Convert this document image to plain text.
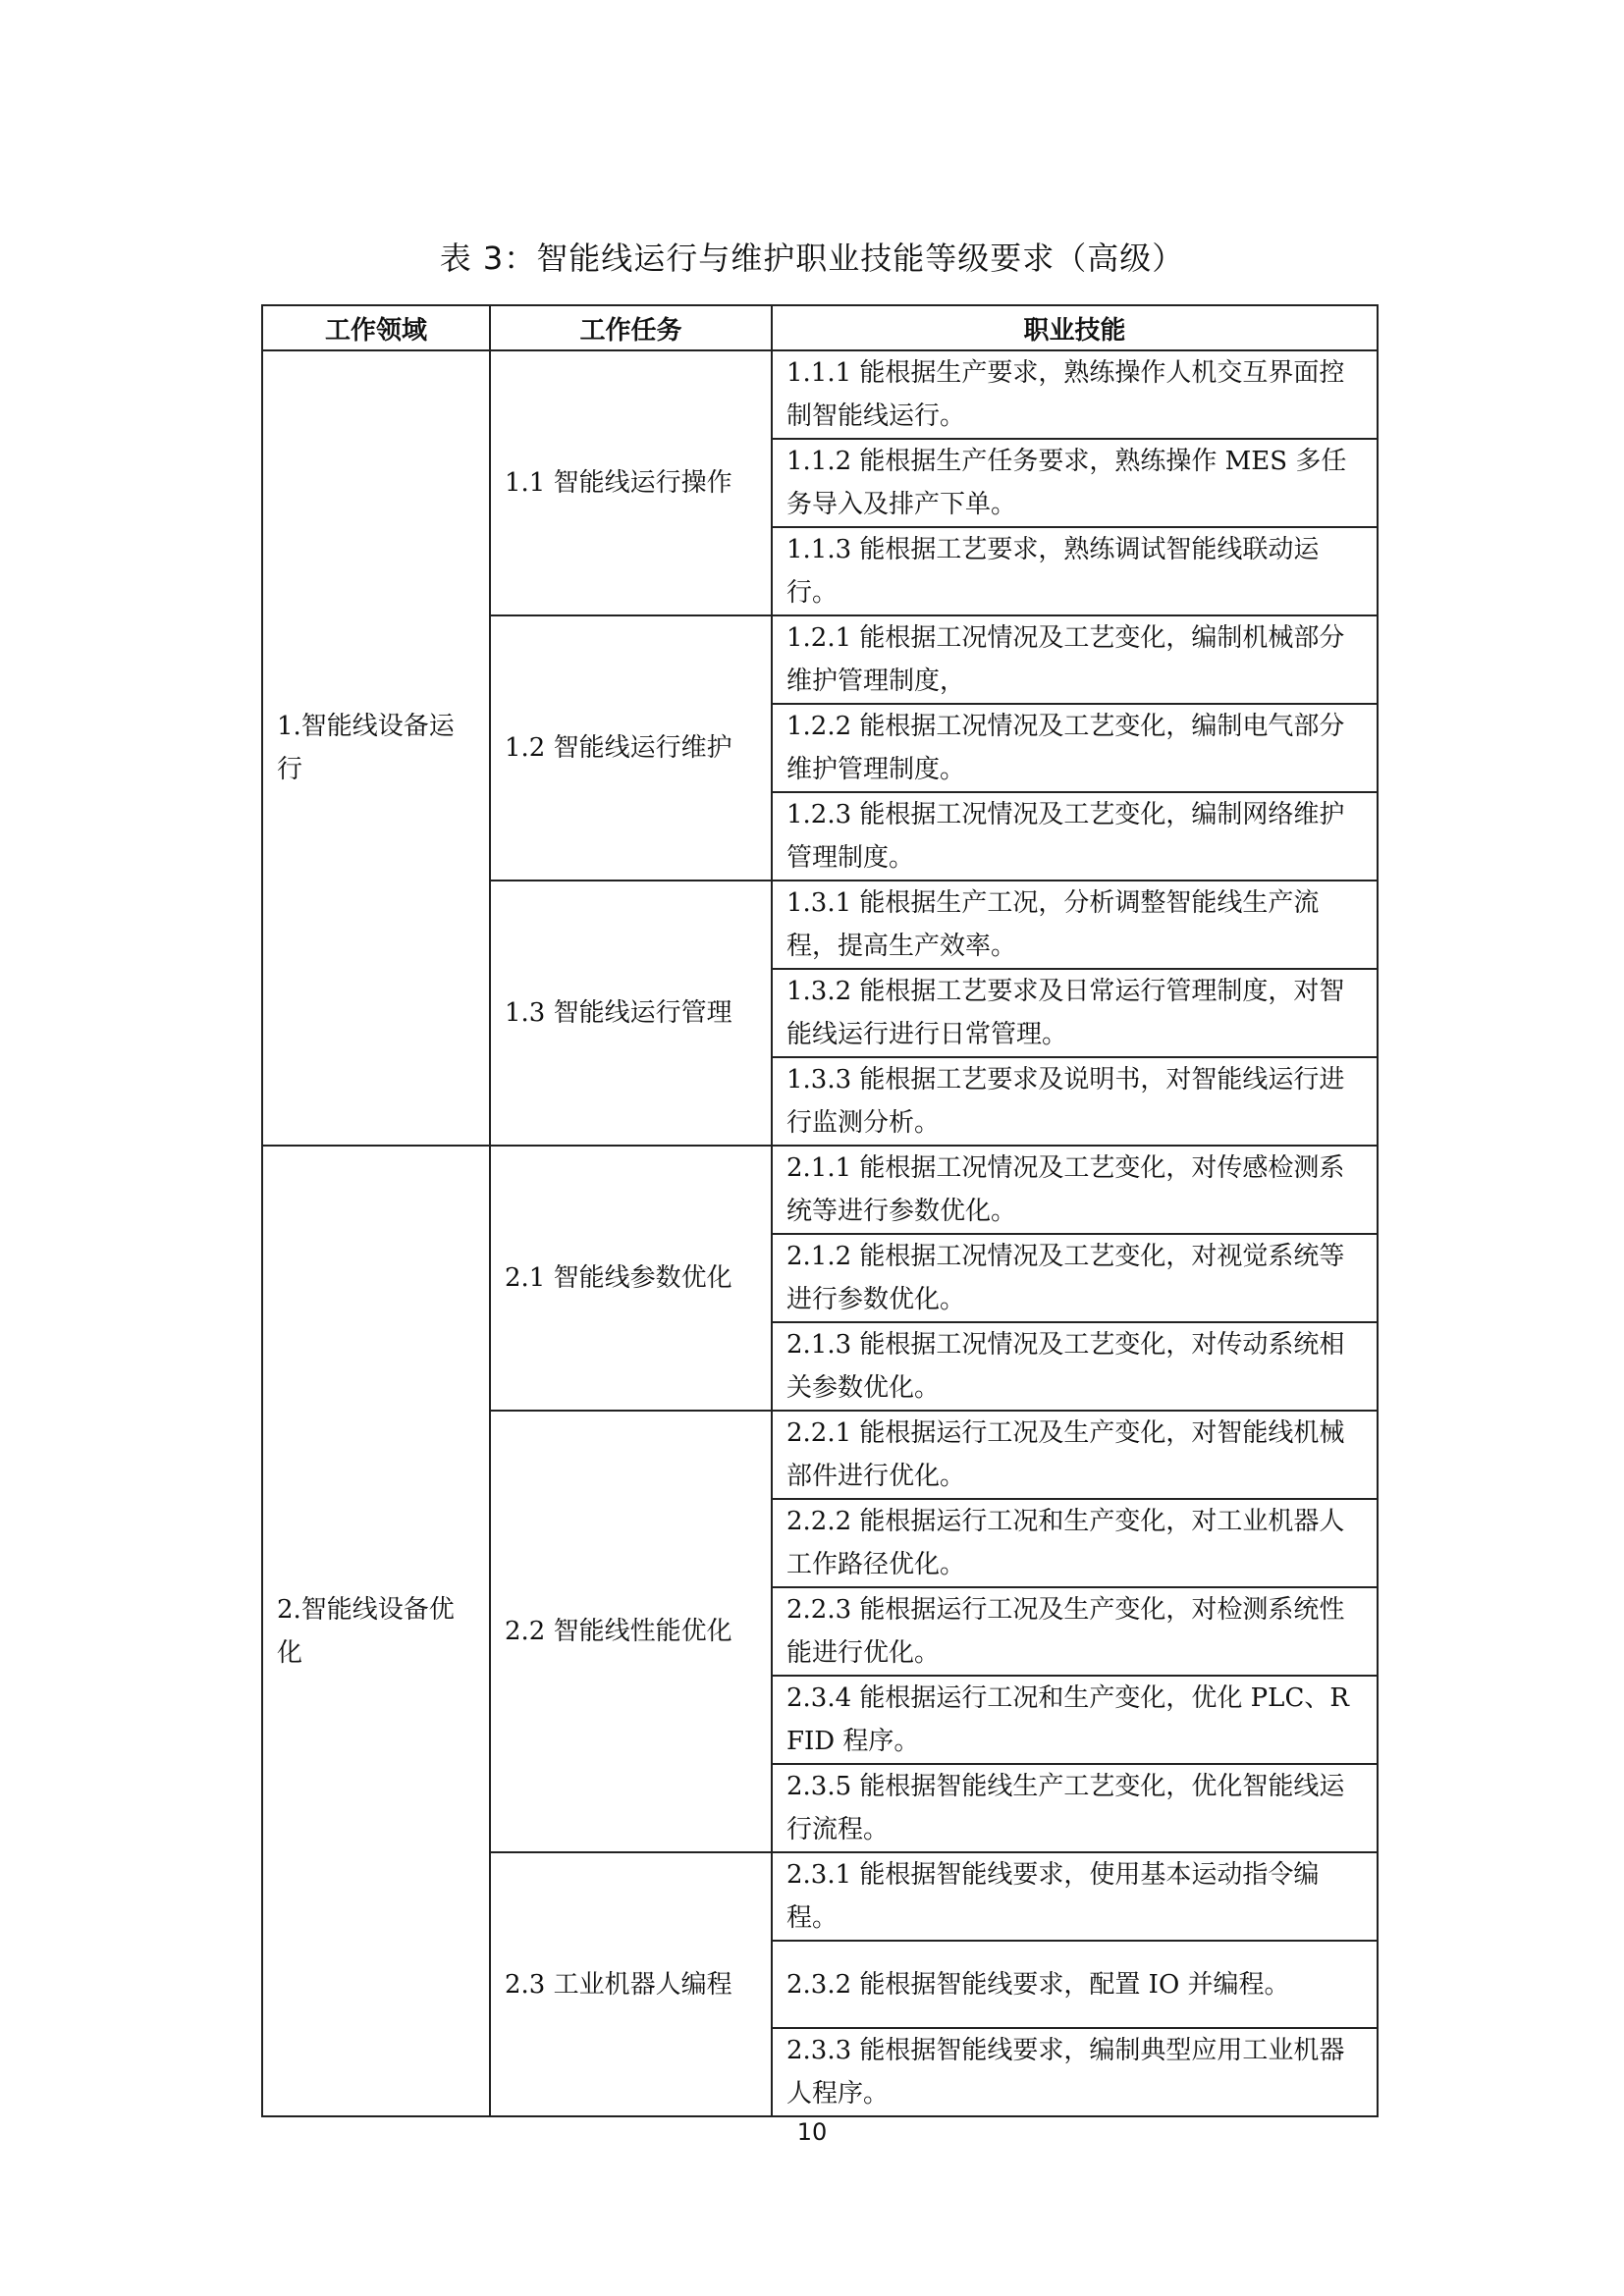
表 3：智能线运行与维护职业技能等级要求（高级）
工作领域	工作任务	职业技能
1.智能线设备运行	1.1 智能线运行操作	1.1.1 能根据生产要求，熟练操作人机交互界面控制智能线运行。
		1.1.2 能根据生产任务要求，熟练操作 MES 多任务导入及排产下单。
		1.1.3 能根据工艺要求，熟练调试智能线联动运行。
	1.2 智能线运行维护	1.2.1 能根据工况情况及工艺变化，编制机械部分维护管理制度，
		1.2.2 能根据工况情况及工艺变化，编制电气部分维护管理制度。
		1.2.3 能根据工况情况及工艺变化，编制网络维护管理制度。
	1.3 智能线运行管理	1.3.1 能根据生产工况，分析调整智能线生产流程，提高生产效率。
		1.3.2 能根据工艺要求及日常运行管理制度，对智能线运行进行日常管理。
		1.3.3 能根据工艺要求及说明书，对智能线运行进行监测分析。
2.智能线设备优化	2.1 智能线参数优化	2.1.1 能根据工况情况及工艺变化，对传感检测系统等进行参数优化。
		2.1.2 能根据工况情况及工艺变化，对视觉系统等进行参数优化。
		2.1.3 能根据工况情况及工艺变化，对传动系统相关参数优化。
	2.2 智能线性能优化	2.2.1 能根据运行工况及生产变化，对智能线机械部件进行优化。
		2.2.2 能根据运行工况和生产变化，对工业机器人工作路径优化。
		2.2.3 能根据运行工况及生产变化，对检测系统性能进行优化。
		2.3.4 能根据运行工况和生产变化，优化 PLC、RFID 程序。
		2.3.5 能根据智能线生产工艺变化，优化智能线运行流程。
	2.3 工业机器人编程	2.3.1 能根据智能线要求，使用基本运动指令编程。
		2.3.2 能根据智能线要求，配置 IO 并编程。
		2.3.3 能根据智能线要求，编制典型应用工业机器人程序。
10
